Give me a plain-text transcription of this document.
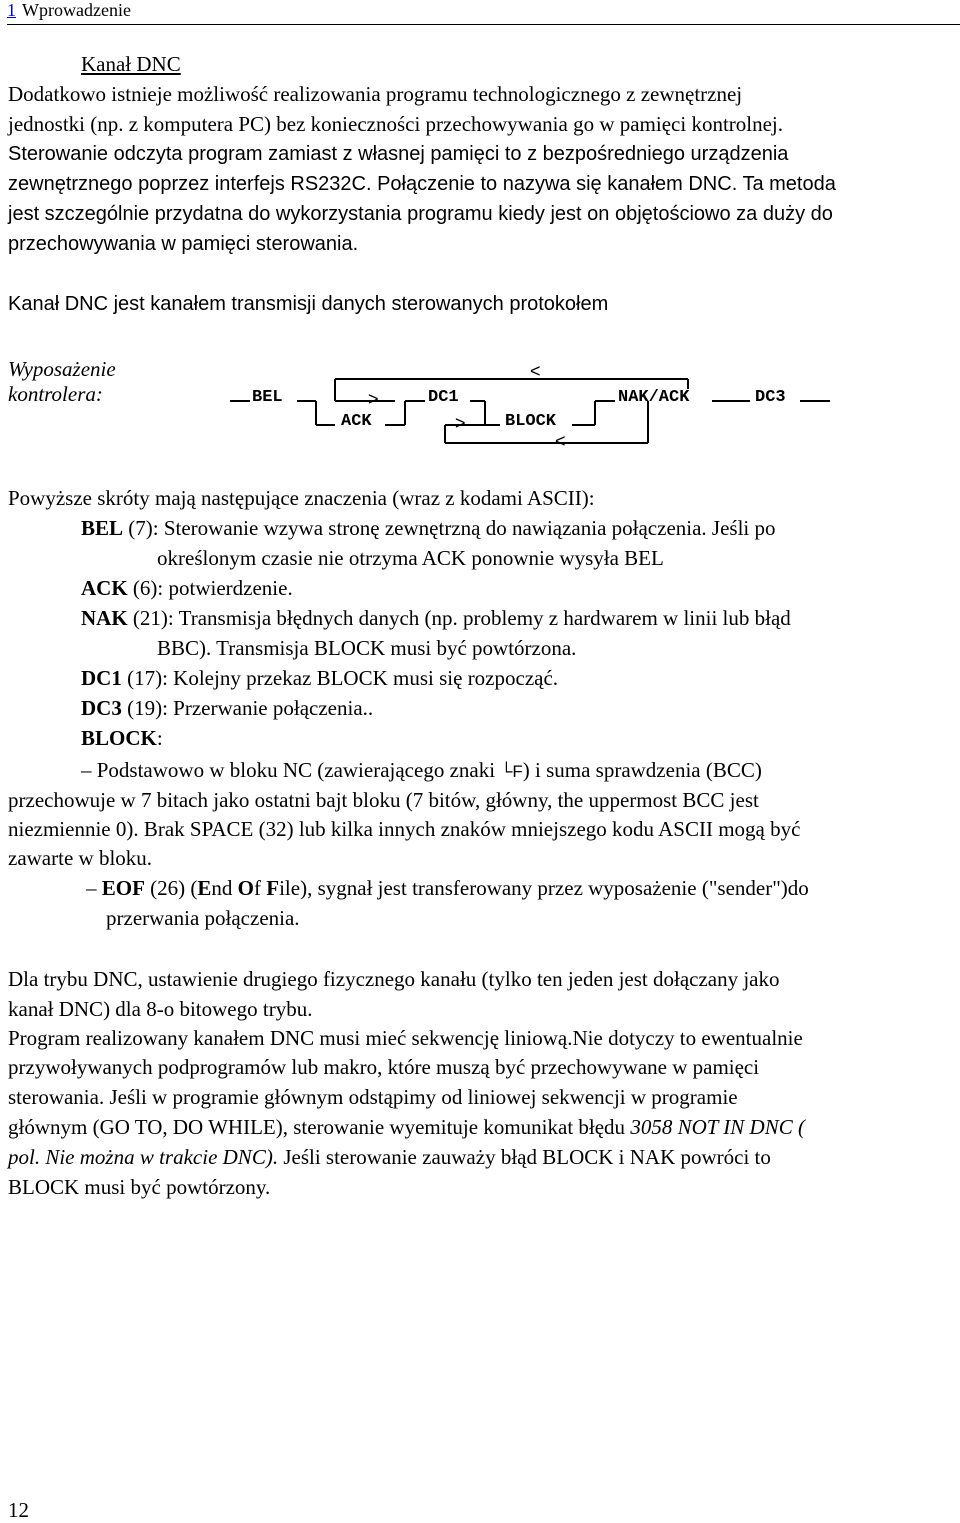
1 Wprowadzenie
Kanał DNC
Dodatkowo istnieje możliwość realizowania programu technologicznego z zewnętrznej
jednostki (np. z komputera PC) bez konieczności przechowywania go w pamięci kontrolnej.
Sterowanie odczyta program zamiast z własnej pamięci to z bezpośredniego urządzenia
zewnętrznego poprzez interfejs RS232C. Połączenie to nazywa się kanałem DNC. Ta metoda
jest szczególnie przydatna do wykorzystania programu kiedy jest on objętościowo za duży do
przechowywania w pamięci sterowania.
Kanał DNC jest kanałem transmisji danych sterowanych protokołem
Wyposażenie
kontrolera:	BEL
ACK
DC1
BLOCK
NAK/ACK	DC3
<
>
>
<
Powyższe skróty mają następujące znaczenia (wraz z kodami ASCII):
BEL (7): Sterowanie wzywa stronę zewnętrzną do nawiązania połączenia. Jeśli po
określonym czasie nie otrzyma ACK ponownie wysyła BEL
ACK (6): potwierdzenie.
NAK (21): Transmisja błędnych danych (np. problemy z hardwarem w linii lub błąd
BBC). Transmisja BLOCK musi być powtórzona.
DC1 (17): Kolejny przekaz BLOCK musi się rozpocząć.
DC3 (19): Przerwanie połączenia..
BLOCK:
– Podstawowo w bloku NC (zawierającego znaki └F) i suma sprawdzenia (BCC)
przechowuje w 7 bitach jako ostatni bajt bloku (7 bitów, główny, the uppermost BCC jest
niezmiennie 0). Brak SPACE (32) lub kilka innych znaków mniejszego kodu ASCII mogą być
zawarte w bloku.
– EOF (26) (End Of File), sygnał jest transferowany przez wyposażenie ("sender")do
przerwania połączenia.
Dla trybu DNC, ustawienie drugiego fizycznego kanału (tylko ten jeden jest dołączany jako
kanał DNC) dla 8-o bitowego trybu.
Program realizowany kanałem DNC musi mieć sekwencję liniową.Nie dotyczy to ewentualnie
przywoływanych podprogramów lub makro, które muszą być przechowywane w pamięci
sterowania. Jeśli w programie głównym odstąpimy od liniowej sekwencji w programie
głównym (GO TO, DO WHILE), sterowanie wyemituje komunikat błędu 3058 NOT IN DNC (
pol. Nie można w trakcie DNC). Jeśli sterowanie zauważy błąd BLOCK i NAK powróci to
BLOCK musi być powtórzony.
12
